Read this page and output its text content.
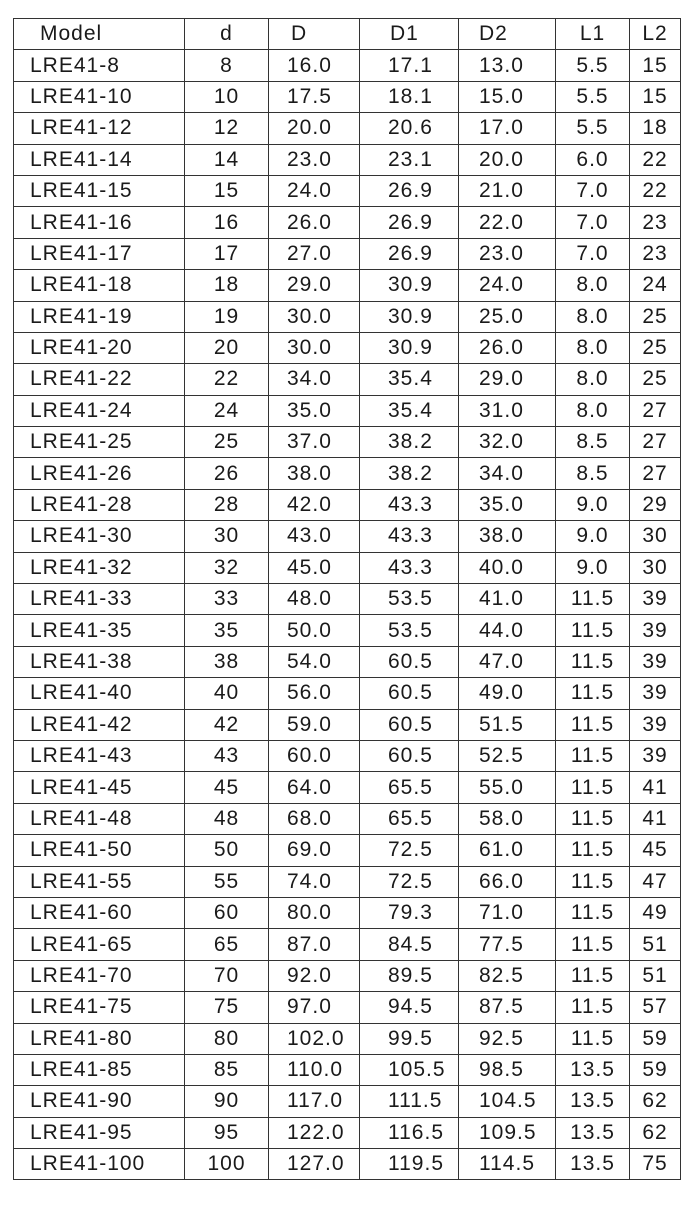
Model	d	D	D1	D2	L1	L2
LRE41-8	8	16.0	17.1	13.0	5.5	15
LRE41-10	10	17.5	18.1	15.0	5.5	15
LRE41-12	12	20.0	20.6	17.0	5.5	18
LRE41-14	14	23.0	23.1	20.0	6.0	22
LRE41-15	15	24.0	26.9	21.0	7.0	22
LRE41-16	16	26.0	26.9	22.0	7.0	23
LRE41-17	17	27.0	26.9	23.0	7.0	23
LRE41-18	18	29.0	30.9	24.0	8.0	24
LRE41-19	19	30.0	30.9	25.0	8.0	25
LRE41-20	20	30.0	30.9	26.0	8.0	25
LRE41-22	22	34.0	35.4	29.0	8.0	25
LRE41-24	24	35.0	35.4	31.0	8.0	27
LRE41-25	25	37.0	38.2	32.0	8.5	27
LRE41-26	26	38.0	38.2	34.0	8.5	27
LRE41-28	28	42.0	43.3	35.0	9.0	29
LRE41-30	30	43.0	43.3	38.0	9.0	30
LRE41-32	32	45.0	43.3	40.0	9.0	30
LRE41-33	33	48.0	53.5	41.0	11.5	39
LRE41-35	35	50.0	53.5	44.0	11.5	39
LRE41-38	38	54.0	60.5	47.0	11.5	39
LRE41-40	40	56.0	60.5	49.0	11.5	39
LRE41-42	42	59.0	60.5	51.5	11.5	39
LRE41-43	43	60.0	60.5	52.5	11.5	39
LRE41-45	45	64.0	65.5	55.0	11.5	41
LRE41-48	48	68.0	65.5	58.0	11.5	41
LRE41-50	50	69.0	72.5	61.0	11.5	45
LRE41-55	55	74.0	72.5	66.0	11.5	47
LRE41-60	60	80.0	79.3	71.0	11.5	49
LRE41-65	65	87.0	84.5	77.5	11.5	51
LRE41-70	70	92.0	89.5	82.5	11.5	51
LRE41-75	75	97.0	94.5	87.5	11.5	57
LRE41-80	80	102.0	99.5	92.5	11.5	59
LRE41-85	85	110.0	105.5	98.5	13.5	59
LRE41-90	90	117.0	111.5	104.5	13.5	62
LRE41-95	95	122.0	116.5	109.5	13.5	62
LRE41-100	100	127.0	119.5	114.5	13.5	75
